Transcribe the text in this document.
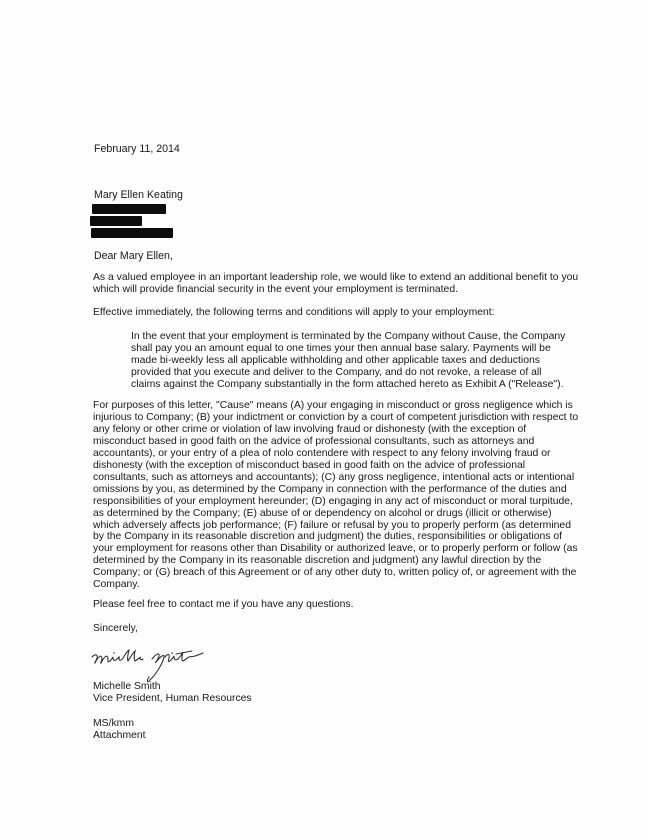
February 11, 2014
Mary Ellen Keating
Dear Mary Ellen,
As a valued employee in an important leadership role, we would like to extend an additional benefit to you
which will provide financial security in the event your employment is terminated.
Effective immediately, the following terms and conditions will apply to your employment:
In the event that your employment is terminated by the Company without Cause, the Company
shall pay you an amount equal to one times your then annual base salary. Payments will be
made bi-weekly less all applicable withholding and other applicable taxes and deductions
provided that you execute and deliver to the Company, and do not revoke, a release of all
claims against the Company substantially in the form attached hereto as Exhibit A ("Release").
For purposes of this letter, "Cause" means (A) your engaging in misconduct or gross negligence which is
injurious to Company; (B) your indictment or conviction by a court of competent jurisdiction with respect to
any felony or other crime or violation of law involving fraud or dishonesty (with the exception of
misconduct based in good faith on the advice of professional consultants, such as attorneys and
accountants), or your entry of a plea of nolo contendere with respect to any felony involving fraud or
dishonesty (with the exception of misconduct based in good faith on the advice of professional
consultants, such as attorneys and accountants); (C) any gross negligence, intentional acts or intentional
omissions by you, as determined by the Company in connection with the performance of the duties and
responsibilities of your employment hereunder; (D) engaging in any act of misconduct or moral turpitude,
as determined by the Company; (E) abuse of or dependency on alcohol or drugs (illicit or otherwise)
which adversely affects job performance; (F) failure or refusal by you to properly perform (as determined
by the Company in its reasonable discretion and judgment) the duties, responsibilities or obligations of
your employment for reasons other than Disability or authorized leave, or to properly perform or follow (as
determined by the Company in its reasonable discretion and judgment) any lawful direction by the
Company; or (G) breach of this Agreement or of any other duty to, written policy of, or agreement with the
Company.
Please feel free to contact me if you have any questions.
Sincerely,
Michelle Smith
Vice President, Human Resources
MS/kmm
Attachment
